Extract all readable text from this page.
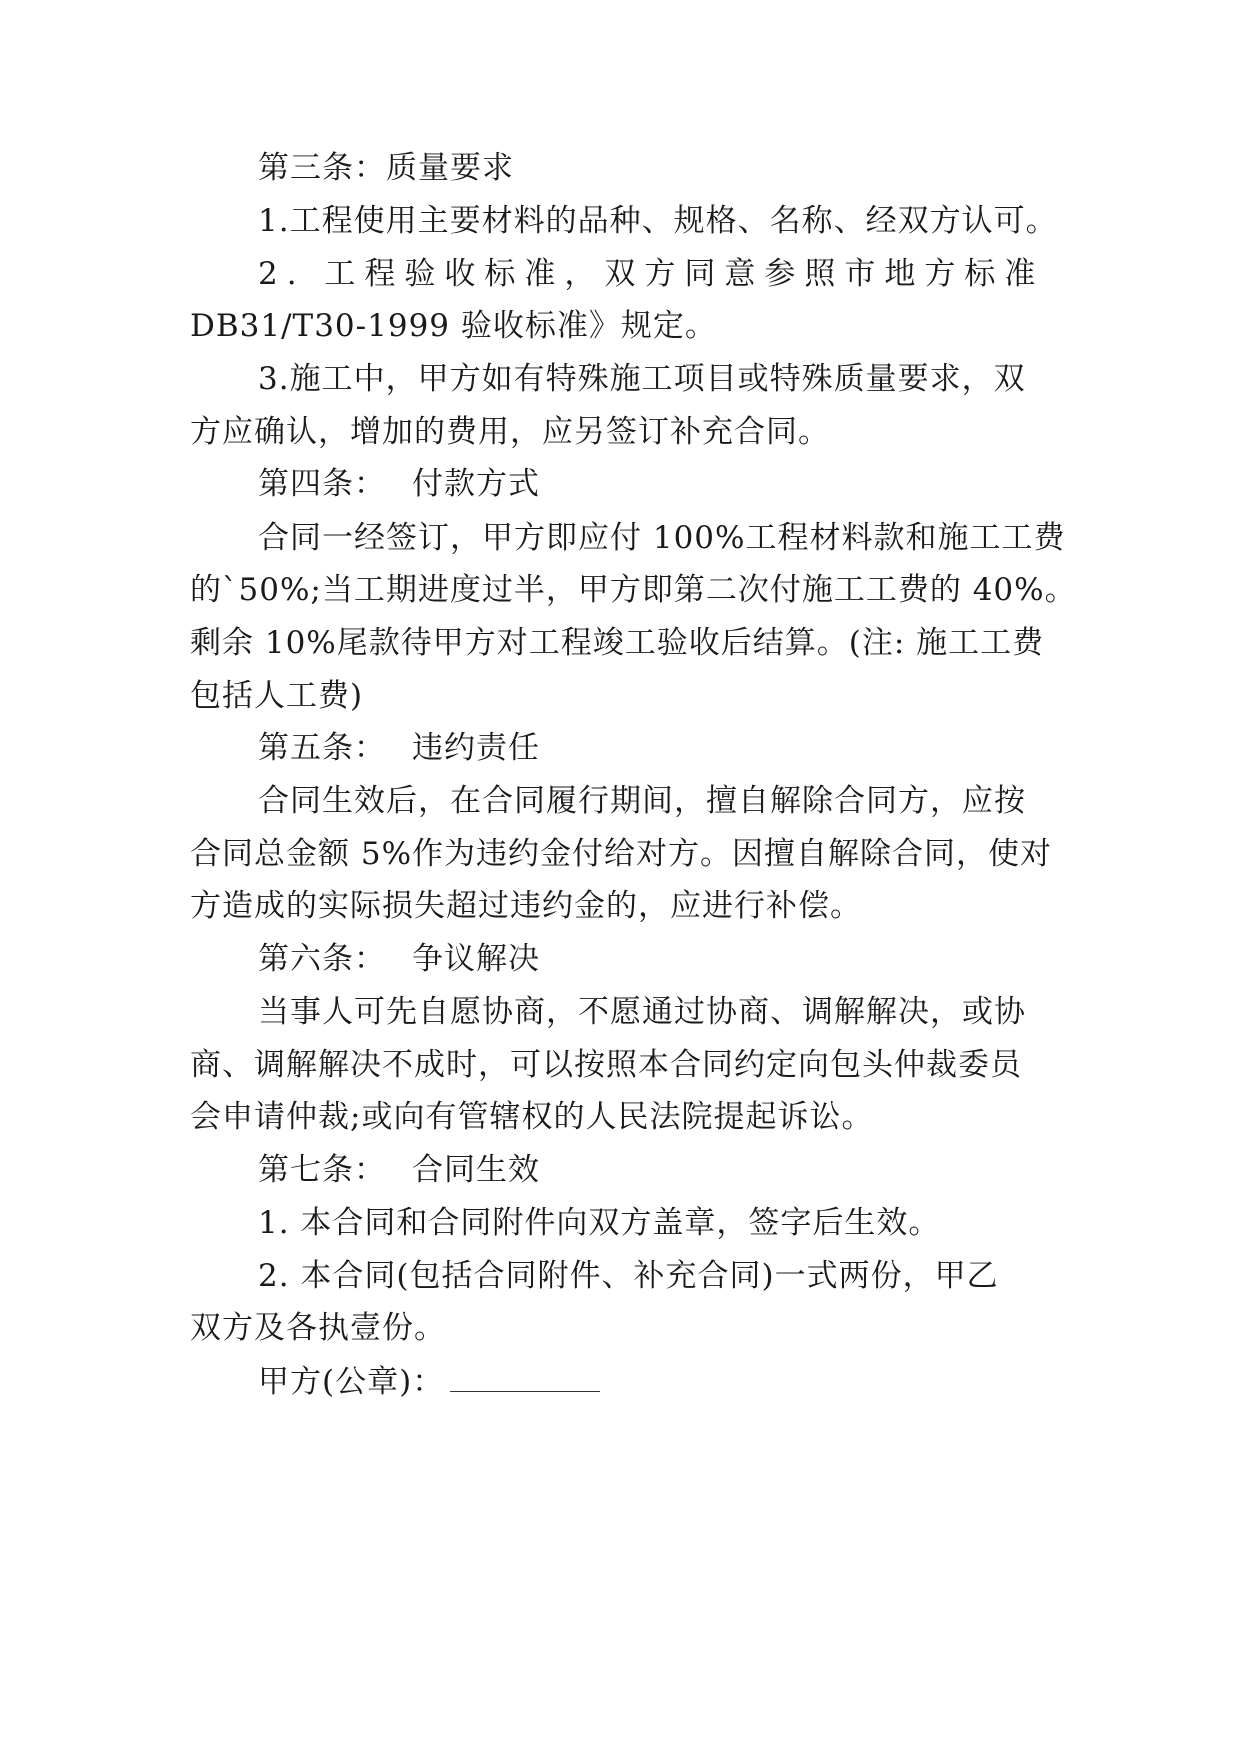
第三条：质量要求
1.工程使用主要材料的品种、规格、名称、经双方认可。
2. 工程验收标准，双方同意参照市地方标准
DB31/T30-1999 验收标准》规定。
3.施工中，甲方如有特殊施工项目或特殊质量要求，双
方应确认，增加的费用，应另签订补充合同。
第四条： 付款方式
合同一经签订，甲方即应付 100%工程材料款和施工工费
的`50%;当工期进度过半，甲方即第二次付施工工费的 40%。
剩余 10%尾款待甲方对工程竣工验收后结算。(注: 施工工费
包括人工费)
第五条： 违约责任
合同生效后，在合同履行期间，擅自解除合同方，应按
合同总金额 5%作为违约金付给对方。因擅自解除合同，使对
方造成的实际损失超过违约金的，应进行补偿。
第六条： 争议解决
当事人可先自愿协商，不愿通过协商、调解解决，或协
商、调解解决不成时，可以按照本合同约定向包头仲裁委员
会申请仲裁;或向有管辖权的人民法院提起诉讼。
第七条： 合同生效
1. 本合同和合同附件向双方盖章，签字后生效。
2. 本合同(包括合同附件、补充合同)一式两份，甲乙
双方及各执壹份。
甲方(公章)：
